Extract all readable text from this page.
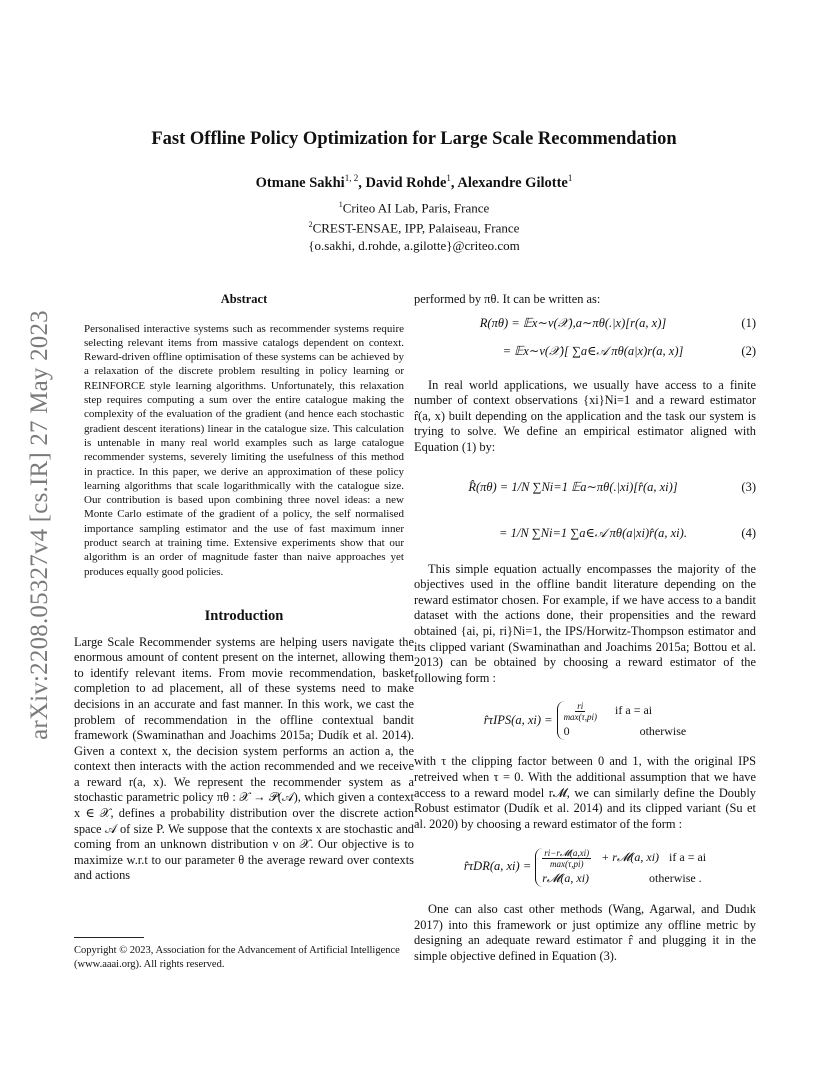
arXiv:2208.05327v4 [cs.IR] 27 May 2023
Fast Offline Policy Optimization for Large Scale Recommendation
Otmane Sakhi$^{1, 2}$, David Rohde$^1$, Alexandre Gilotte$^1$
$^1$Criteo AI Lab, Paris, France
$^2$CREST-ENSAE, IPP, Palaiseau, France
{o.sakhi, d.rohde, a.gilotte}@criteo.com
Abstract

Personalised interactive systems such as recommender systems require selecting relevant items from massive catalogs dependent on context. Reward-driven offline optimisation of these systems can be achieved by a relaxation of the discrete problem resulting in policy learning or REINFORCE style learning algorithms. Unfortunately, this relaxation step requires computing a sum over the entire catalogue making the complexity of the evaluation of the gradient (and hence each stochastic gradient descent iterations) linear in the catalogue size. This calculation is untenable in many real world examples such as large catalogue recommender systems, severely limiting the usefulness of this method in practice. In this paper, we derive an approximation of these policy learning algorithms that scale logarithmically with the catalogue size. Our contribution is based upon combining three novel ideas: a new Monte Carlo estimate of the gradient of a policy, the self normalised importance sampling estimator and the use of fast maximum inner product search at training time. Extensive experiments show that our algorithm is an order of magnitude faster than naive approaches yet produces equally good policies.

Introduction

Large Scale Recommender systems are helping users navigate the enormous amount of content present on the internet, allowing them to identify relevant items. From movie recommendation, basket completion to ad placement, all of these systems need to make decisions in an accurate and fast manner. In this work, we cast the problem of recommendation in the offline contextual bandit framework (Swaminathan and Joachims 2015a; Dudík et al. 2014). Given a context x, the decision system performs an action a, the context then interacts with the action recommended and we receive a reward r(a, x). We represent the recommender system as a stochastic parametric policy πθ : 𝒳 → 𝒫(𝒜), which given a context x ∈ 𝒳, defines a probability distribution over the discrete action space 𝒜 of size P. We suppose that the contexts x are stochastic and coming from an unknown distribution ν on 𝒳. Our objective is to maximize w.r.t to our parameter θ the average reward over contexts and actions

Copyright © 2023, Association for the Advancement of Artificial Intelligence (www.aaai.org). All rights reserved.

performed by πθ. It can be written as:

R(πθ) = 𝔼x∼ν(𝒳),a∼πθ(.|x)[r(a, x)]	(1)
= 𝔼x∼ν(𝒳)[ ∑a∈𝒜 πθ(a|x)r(a, x)]	(2)

In real world applications, we usually have access to a finite number of context observations {xi}Ni=1 and a reward estimator r̂(a, x) built depending on the application and the task our system is trying to solve. We define an empirical estimator aligned with Equation (1) by:

R̂(πθ) = 1/N ∑Ni=1 𝔼a∼πθ(.|xi)[r̂(a, xi)]	(3)
= 1/N ∑Ni=1 ∑a∈𝒜 πθ(a|xi)r̂(a, xi).	(4)

This simple equation actually encompasses the majority of the objectives used in the offline bandit literature depending on the reward estimator chosen. For example, if we have access to a bandit dataset with the actions done, their propensities and the reward obtained {ai, pi, ri}Ni=1, the IPS/Horwitz-Thompson estimator and its clipped variant (Swaminathan and Joachims 2015a; Bottou et al. 2013) can be obtained by choosing a reward estimator of the following form :

r̂τIPS(a, $xi) = \frac{ri}{\max(\tau,pi)}$ if a = ai
0	otherwise

with τ the clipping factor between 0 and 1, with the original IPS retreived when τ = 0. With the additional assumption that we have access to a reward model r𝓜, we can similarly define the Doubly Robust estimator (Dudík et al. 2014) and its clipped variant (Su et al. 2020) by choosing a reward estimator of the form :

r̂τDR(a, $xi) = \frac{\text{ri−r𝓜(a,xi)}}{\max(\tau,pi)}$ + r𝓜(a, xi) if a = ai
r𝓜(a, xi)	otherwise .

One can also cast other methods (Wang, Agarwal, and Dudık 2017) into this framework or just optimize any offline metric by designing an adequate reward estimator r̂ and plugging it in the simple objective defined in Equation (3).
